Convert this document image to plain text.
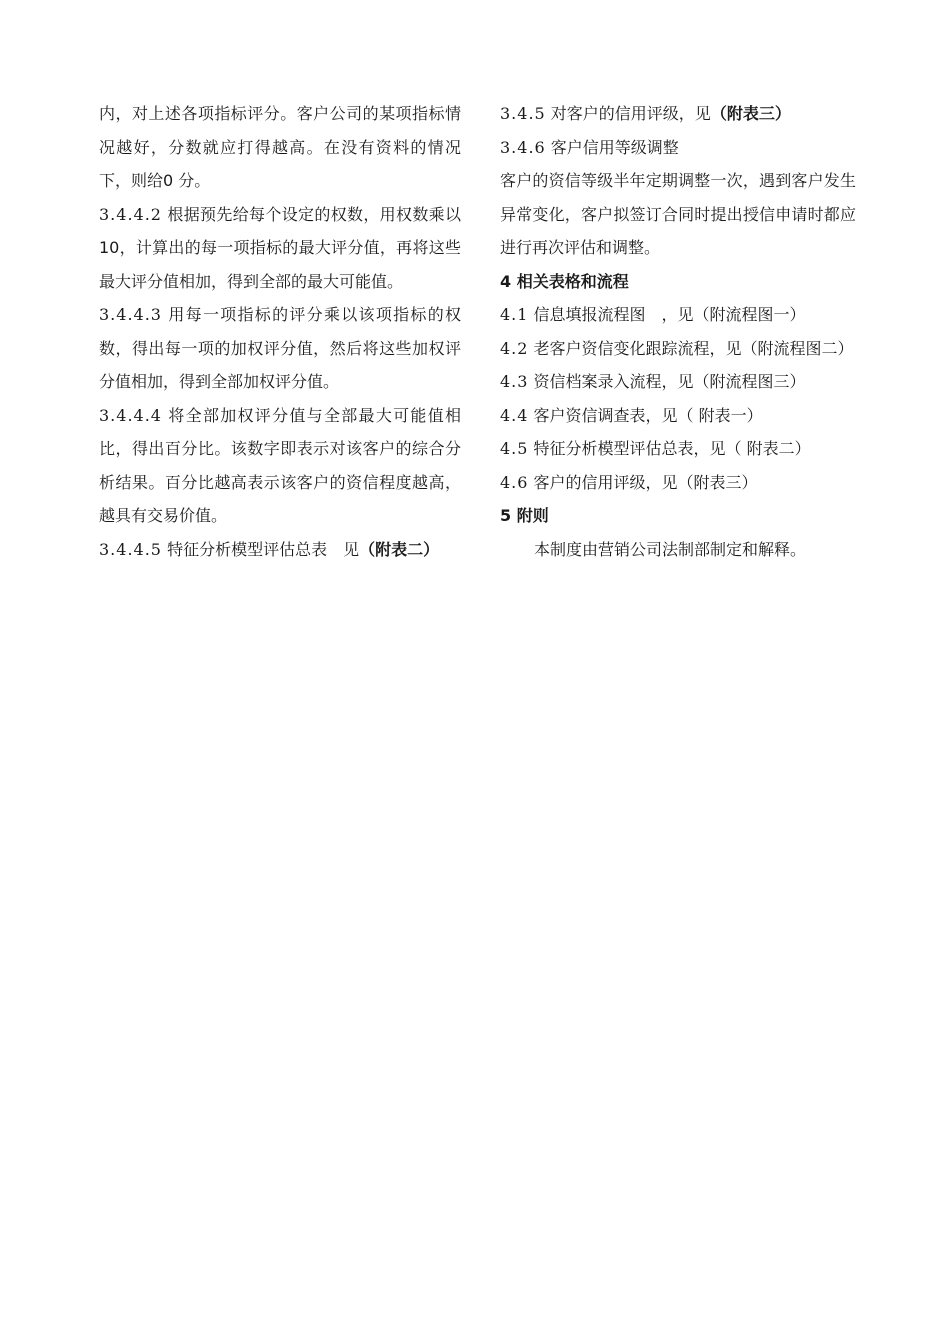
内，对上述各项指标评分。客户公司的某项指标情况越好，分数就应打得越高。在没有资料的情况下，则给0 分。

3.4.4.2 根据预先给每个设定的权数，用权数乘以10，计算出的每一项指标的最大评分值，再将这些最大评分值相加，得到全部的最大可能值。

3.4.4.3 用每一项指标的评分乘以该项指标的权数，得出每一项的加权评分值，然后将这些加权评分值相加，得到全部加权评分值。

3.4.4.4 将全部加权评分值与全部最大可能值相比，得出百分比。该数字即表示对该客户的综合分析结果。百分比越高表示该客户的资信程度越高，越具有交易价值。

3.4.4.5 特征分析模型评估总表　见（附表二）

3.4.5 对客户的信用评级，见（附表三）

3.4.6 客户信用等级调整

客户的资信等级半年定期调整一次，遇到客户发生异常变化，客户拟签订合同时提出授信申请时都应进行再次评估和调整。

4 相关表格和流程

4.1 信息填报流程图　，见（附流程图一）

4.2 老客户资信变化跟踪流程，见（附流程图二）

4.3 资信档案录入流程，见（附流程图三）

4.4 客户资信调查表，见（ 附表一）

4.5 特征分析模型评估总表，见（ 附表二）

4.6 客户的信用评级，见（附表三）

5 附则

本制度由营销公司法制部制定和解释。
